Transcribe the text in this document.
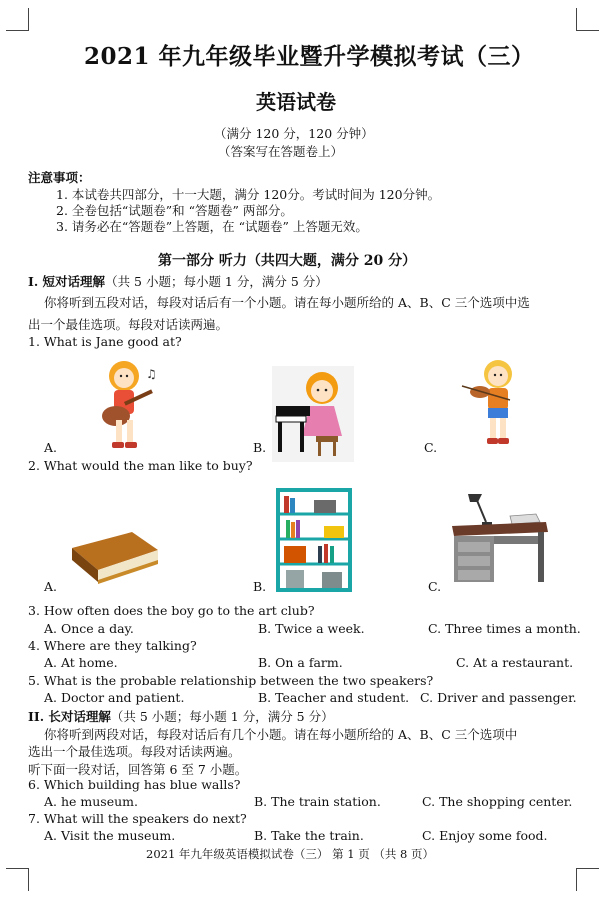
2021 年九年级毕业暨升学模拟考试（三）
英语试卷
（满分 120 分，120 分钟）
（答案写在答题卷上）
注意事项：
1. 本试卷共四部分，十一大题，满分 120分。考试时间为 120分钟。
2. 全卷包括“试题卷”和 “答题卷” 两部分。
3. 请务必在“答题卷”上答题，在 “试题卷” 上答题无效。
第一部分 听力（共四大题，满分 20 分）
I. 短对话理解（共 5 小题；每小题 1 分，满分 5 分）
你将听到五段对话，每段对话后有一个小题。请在每小题所给的 A、B、C 三个选项中选
出一个最佳选项。每段对话读两遍。
1. What is Jane good at?
♫
A.	B.	C.
2. What would the man like to buy?
A.	B.	C.
3. How often does the boy go to the art club?
A. Once a day.	B. Twice a week.	C. Three times a month.
4. Where are they talking?
A. At home.	B. On a farm.	C. At a restaurant.
5. What is the probable relationship between the two speakers?
A. Doctor and patient.	B. Teacher and student. C. Driver and passenger.
II. 长对话理解（共 5 小题；每小题 1 分，满分 5 分）
你将听到两段对话，每段对话后有几个小题。请在每小题所给的 A、B、C 三个选项中
选出一个最佳选项。每段对话读两遍。
听下面一段对话，回答第 6 至 7 小题。
6. Which building has blue walls?
A. he museum.	B. The train station.	C. The shopping center.
7. What will the speakers do next?
A. Visit the museum.	B. Take the train.	C. Enjoy some food.
2021 年九年级英语模拟试卷（三） 第 1 页 （共 8 页）
